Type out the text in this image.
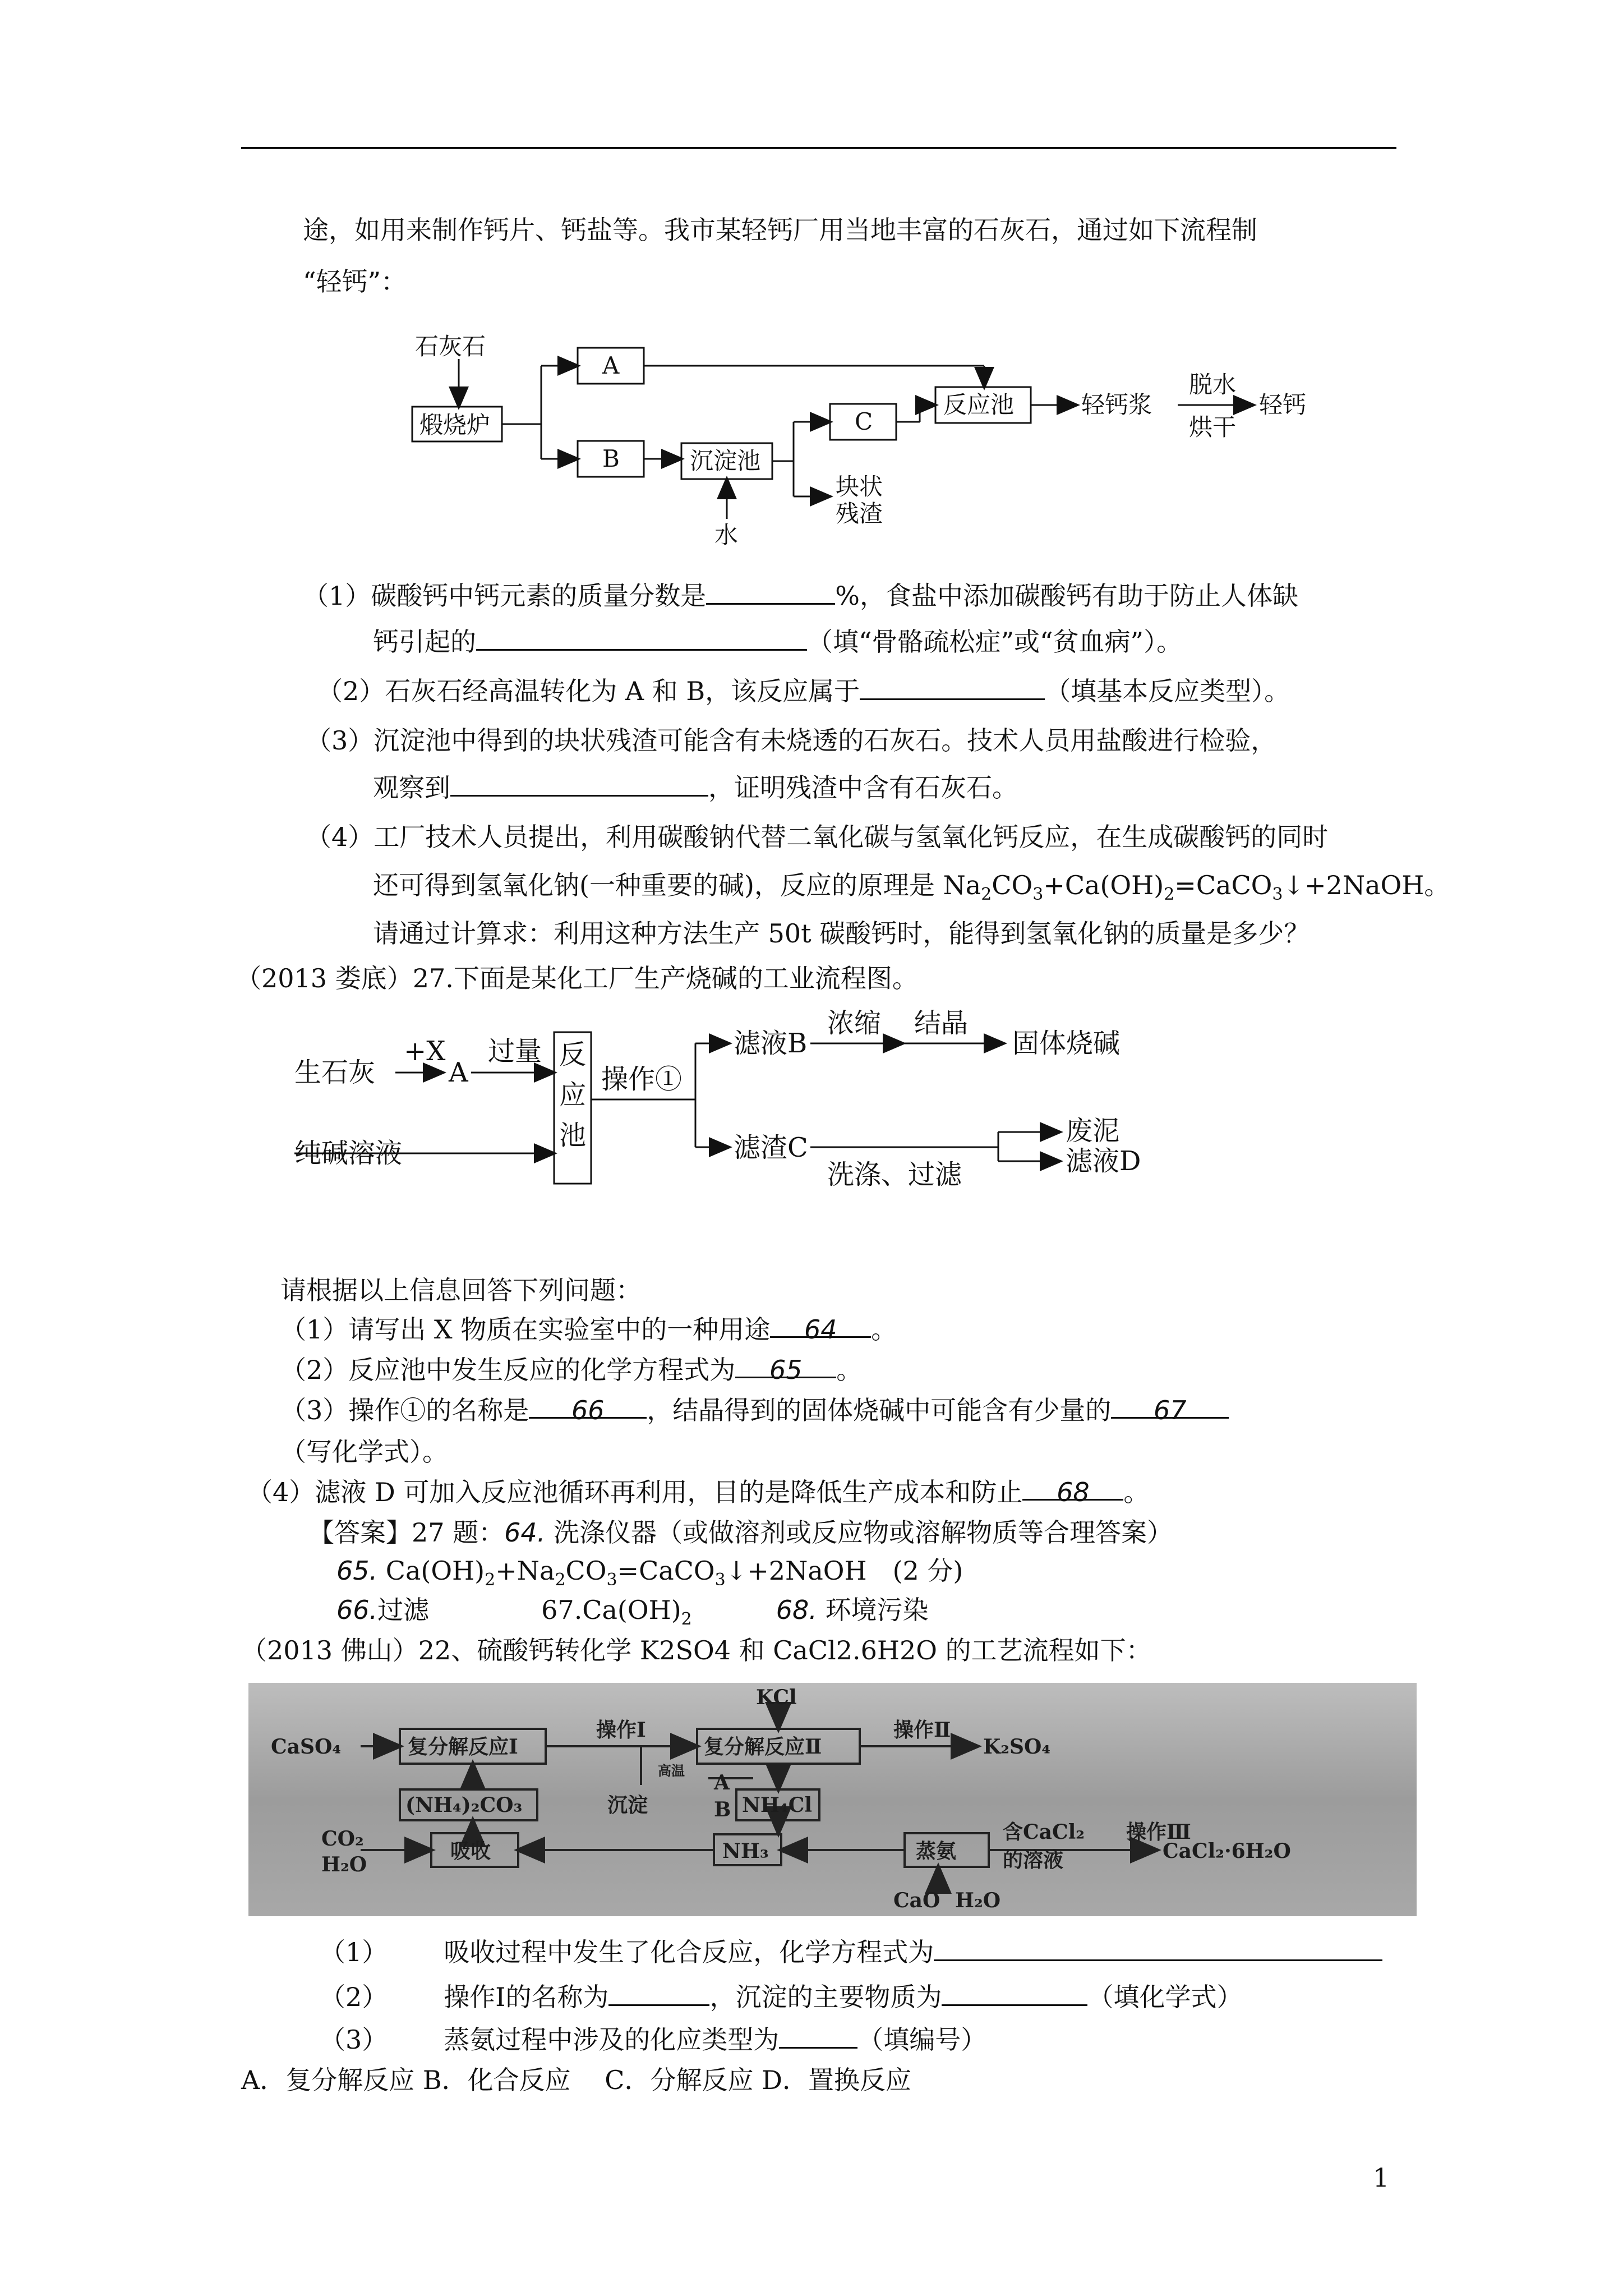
途，如用来制作钙片、钙盐等。我市某轻钙厂用当地丰富的石灰石，通过如下流程制
“轻钙”：
石灰石
煅烧炉
A
B	沉淀池
水
C
反应池
块状
残渣
轻钙浆
脱水
烘干
轻钙
（1）碳酸钙中钙元素的质量分数是	%，食盐中添加碳酸钙有助于防止人体缺
钙引起的	（填“骨骼疏松症”或“贫血病”）。
（2）石灰石经高温转化为 A 和 B，该反应属于	（填基本反应类型）。
（3）沉淀池中得到的块状残渣可能含有未烧透的石灰石。技术人员用盐酸进行检验，
观察到	，证明残渣中含有石灰石。
（4）工厂技术人员提出，利用碳酸钠代替二氧化碳与氢氧化钙反应，在生成碳酸钙的同时
还可得到氢氧化钠(一种重要的碱)，反应的原理是 $Na_2CO_3+Ca(OH)_2=CaCO_3↓+2NaOH$。
请通过计算求：利用这种方法生产 50t 碳酸钙时，能得到氢氧化钠的质量是多少？
（2013 娄底）27.下面是某化工厂生产烧碱的工业流程图。
生石灰
+X
A
过量 反
应
池
操作①
滤液B
浓缩 结晶
固体烧碱
纯碱溶液	滤渣C
洗涤、过滤
废泥
滤液D
请根据以上信息回答下列问题：
（1）请写出 X 物质在实验室中的一种用途 64 。
（2）反应池中发生反应的化学方程式为 65 。
（3）操作①的名称是 66 ，结晶得到的固体烧碱中可能含有少量的 67
（写化学式）。
（4）滤液 D 可加入反应池循环再利用，目的是降低生产成本和防止 68 。
【答案】27 题：64. 洗涤仪器（或做溶剂或反应物或溶解物质等合理答案）
65. $Ca(OH)_2+Na_2CO_3=CaCO_3↓+2NaOH$　(2 分)
66.过滤	$67.Ca(OH)_2$	68. 环境污染
（2013 佛山）22、硫酸钙转化学 K2SO4 和 CaCl2.6H2O 的工艺流程如下：
CaSO₄	复分解反应Ⅰ
操作Ⅰ
KCl
复分解反应Ⅱ
操作Ⅱ
K₂SO₄
(NH₄)₂CO₃	沉淀
高温
A
B NH₄Cl
CO₂
H₂O
吸收	NH₃	蒸氨
含CaCl₂
的溶液
操作Ⅲ
CaCl₂·6H₂O
CaO H₂O
（1） 吸收过程中发生了化合反应，化学方程式为
（2） 操作Ⅰ的名称为	，沉淀的主要物质为	（填化学式）
（3） 蒸氨过程中涉及的化应类型为	（填编号）
A．复分解反应 B．化合反应　 C．分解反应 D．置换反应
1
